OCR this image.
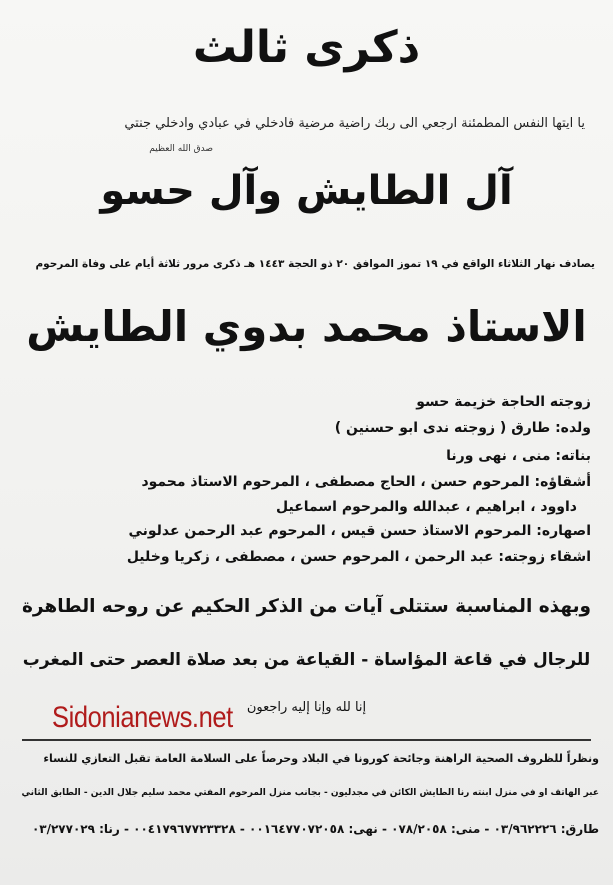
ذكرى ثالث
يا ايتها النفس المطمئنة ارجعي الى ربك راضية مرضية فادخلي في عبادي وادخلي جنتي
صدق الله العظيم
آل الطايش وآل حسو
يصادف نهار الثلاثاء الواقع في ١٩ تموز الموافق ٢٠ ذو الحجة ١٤٤٣ هـ ذكرى مرور ثلاثة أيام على وفاة المرحوم
الاستاذ محمد بدوي الطايش
زوجته الحاجة خزيمة حسو
ولده: طارق ( زوجته ندى ابو حسنين )
بناته: منى ، نهى ورنا
أشقاؤه: المرحوم حسن ، الحاج مصطفى ، المرحوم الاستاذ محمود
داوود ، ابراهيم ، عبدالله والمرحوم اسماعيل
اصهاره: المرحوم الاستاذ حسن قيس ، المرحوم عبد الرحمن عدلوني
اشقاء زوجته: عبد الرحمن ، المرحوم حسن ، مصطفى ، زكريا وخليل
وبهذه المناسبة ستتلى آيات من الذكر الحكيم عن روحه الطاهرة
للرجال في قاعة المؤاساة - القياعة من بعد صلاة العصر حتى المغرب
إنا لله وإنا إليه راجعون
Sidonianews.net
ونظراً للظروف الصحية الراهنة وجائحة كورونا في البلاد وحرصاً على السلامة العامة تقبل التعازي للنساء
عبر الهاتف او في منزل ابنته رنا الطايش الكائن في مجدليون - بجانب منزل المرحوم المفتي محمد سليم جلال الدين - الطابق الثاني
طارق: ٠٣/٩٦٢٢٢٦ - منى: ٠٧٨/٢٠٥٨ - نهى: ٠٠١٦٤٧٧٠٧٢٠٥٨ - ٠٠٤١٧٩٦٧٧٢٣٣٢٨ - رنا: ٠٣/٢٧٧٠٢٩
